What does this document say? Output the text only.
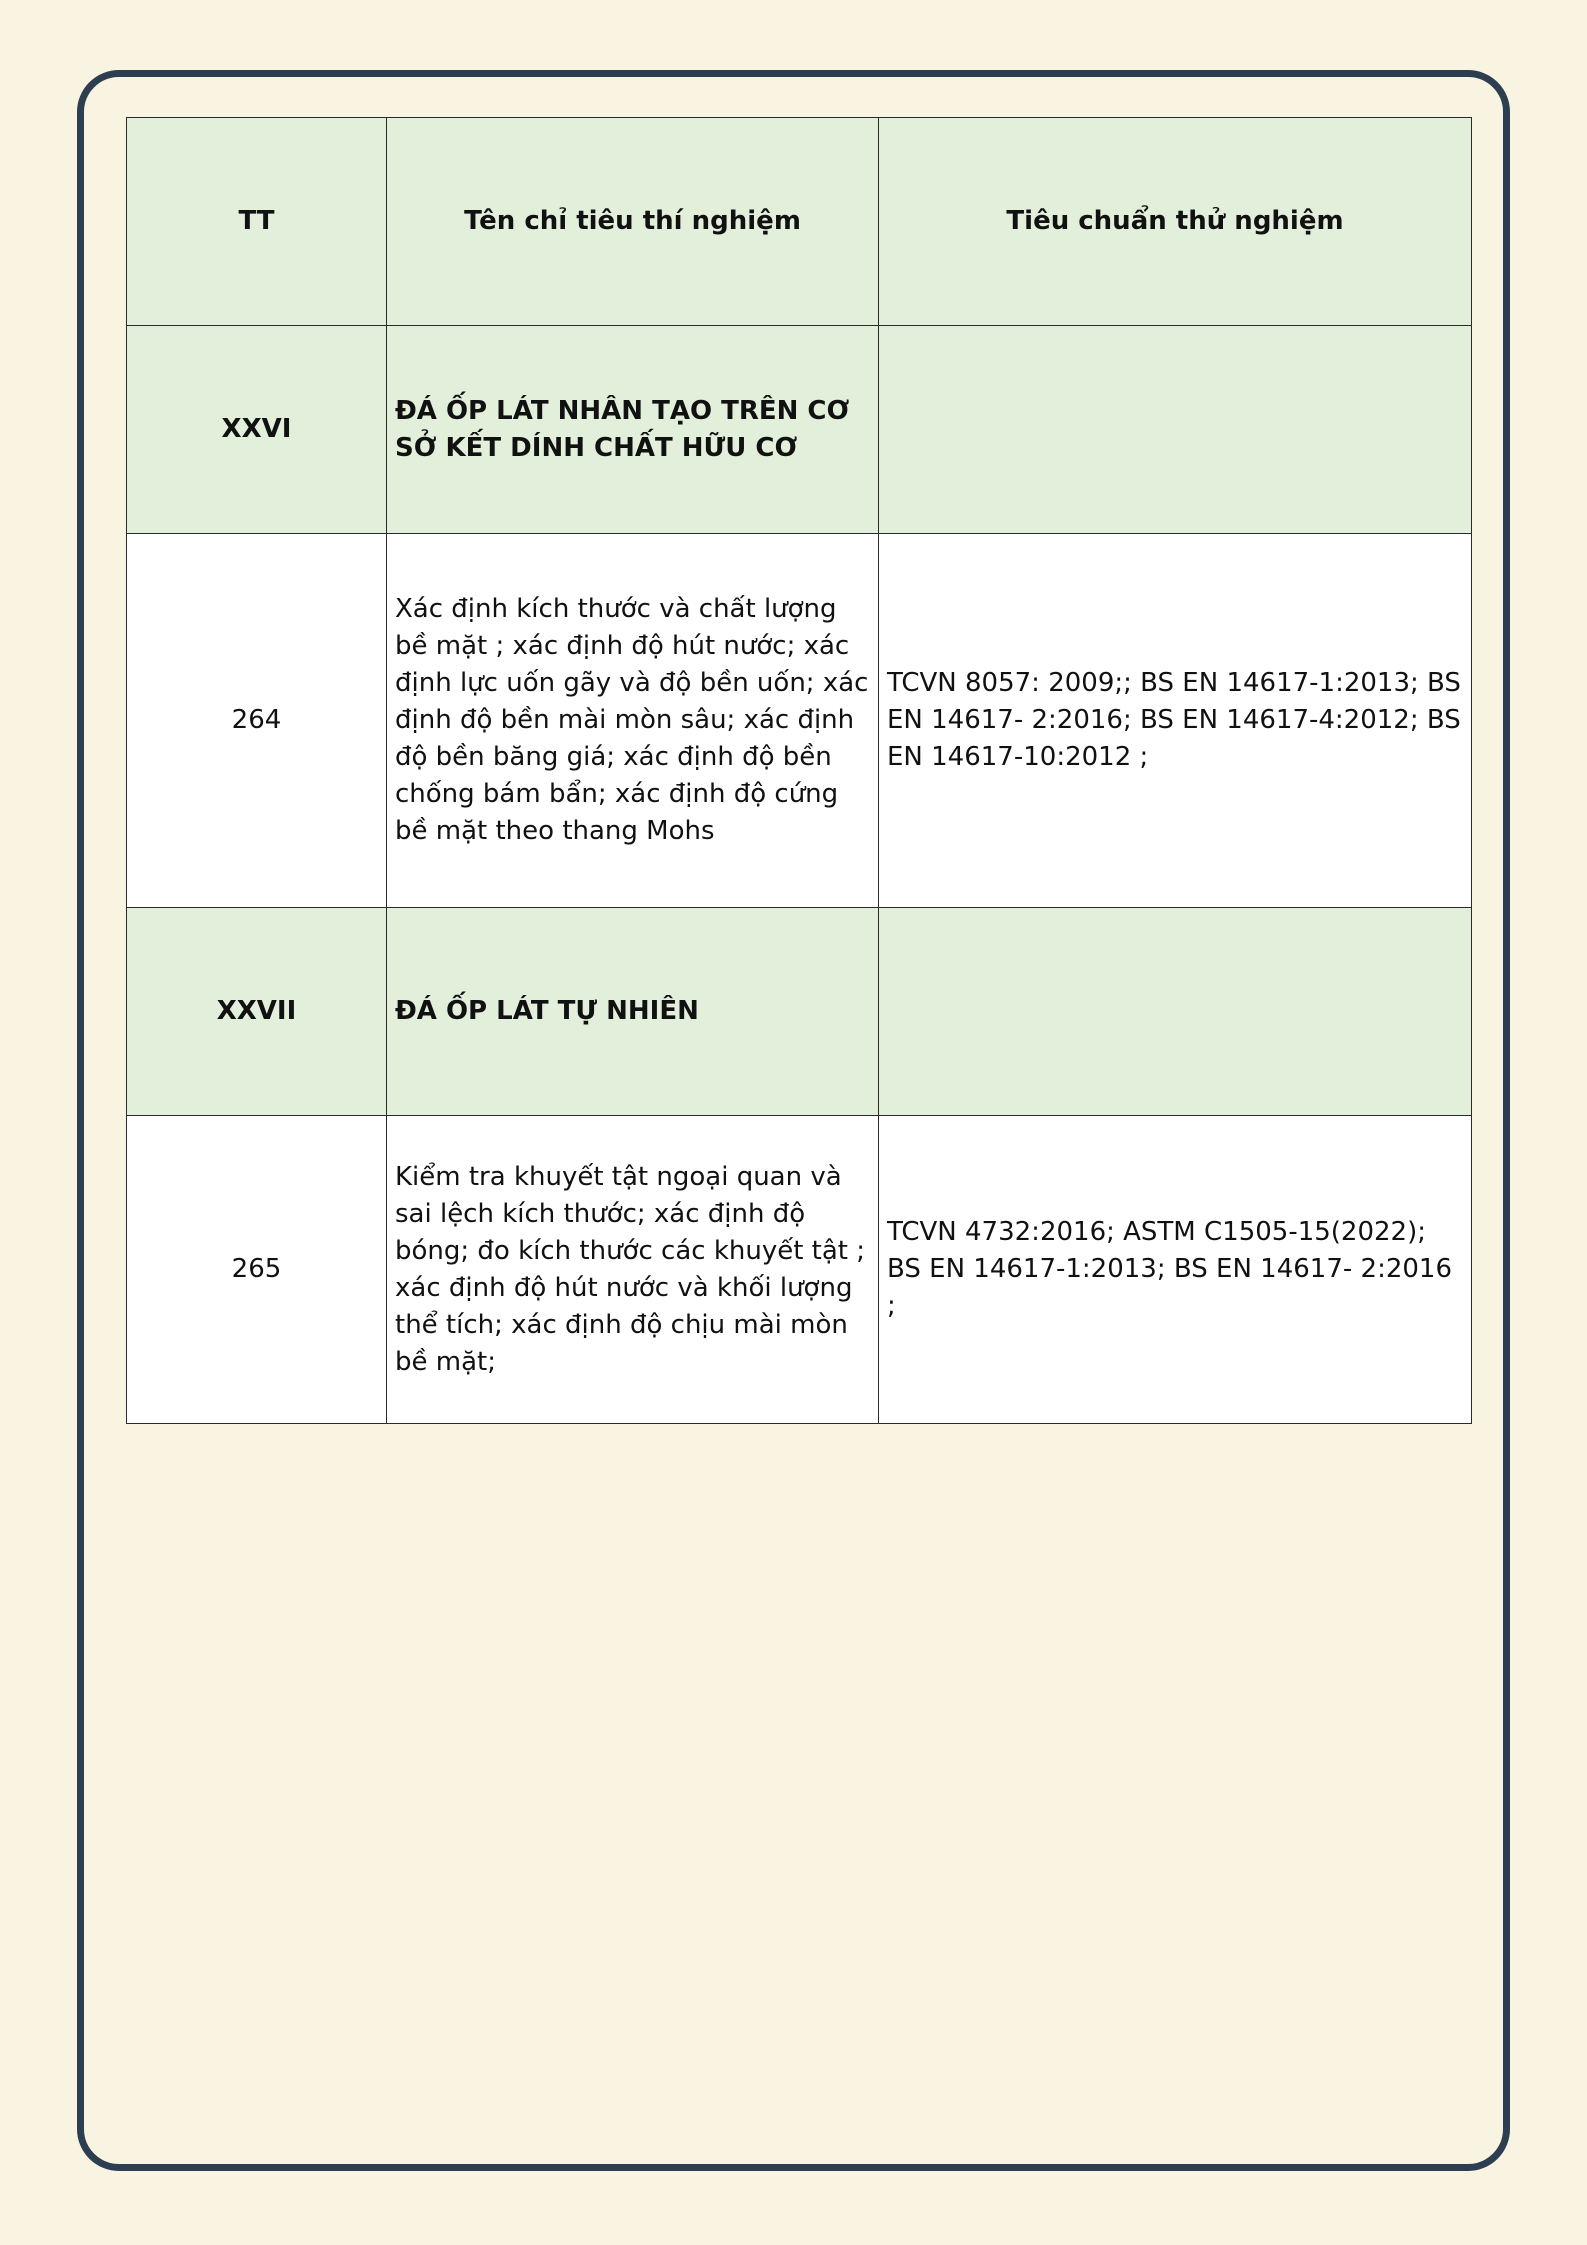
TT	Tên chỉ tiêu thí nghiệm	Tiêu chuẩn thử nghiệm
XXVI	ĐÁ ỐP LÁT NHÂN TẠO TRÊN CƠ SỞ KẾT DÍNH CHẤT HỮU CƠ	
264	Xác định kích thước và chất lượng bề mặt ; xác định độ hút nước; xác định lực uốn gãy và độ bền uốn; xác định độ bền mài mòn sâu; xác định độ bền băng giá; xác định độ bền chống bám bẩn; xác định độ cứng bề mặt theo thang Mohs	TCVN 8057: 2009;; BS EN 14617-1:2013; BS EN 14617- 2:2016; BS EN 14617-4:2012; BS EN 14617-10:2012 ;
XXVII	ĐÁ ỐP LÁT TỰ NHIÊN	
265	Kiểm tra khuyết tật ngoại quan và sai lệch kích thước; xác định độ bóng; đo kích thước các khuyết tật ; xác định độ hút nước và khối lượng thể tích; xác định độ chịu mài mòn bề mặt;	TCVN 4732:2016; ASTM C1505-15(2022); BS EN 14617-1:2013; BS EN 14617- 2:2016 ;
